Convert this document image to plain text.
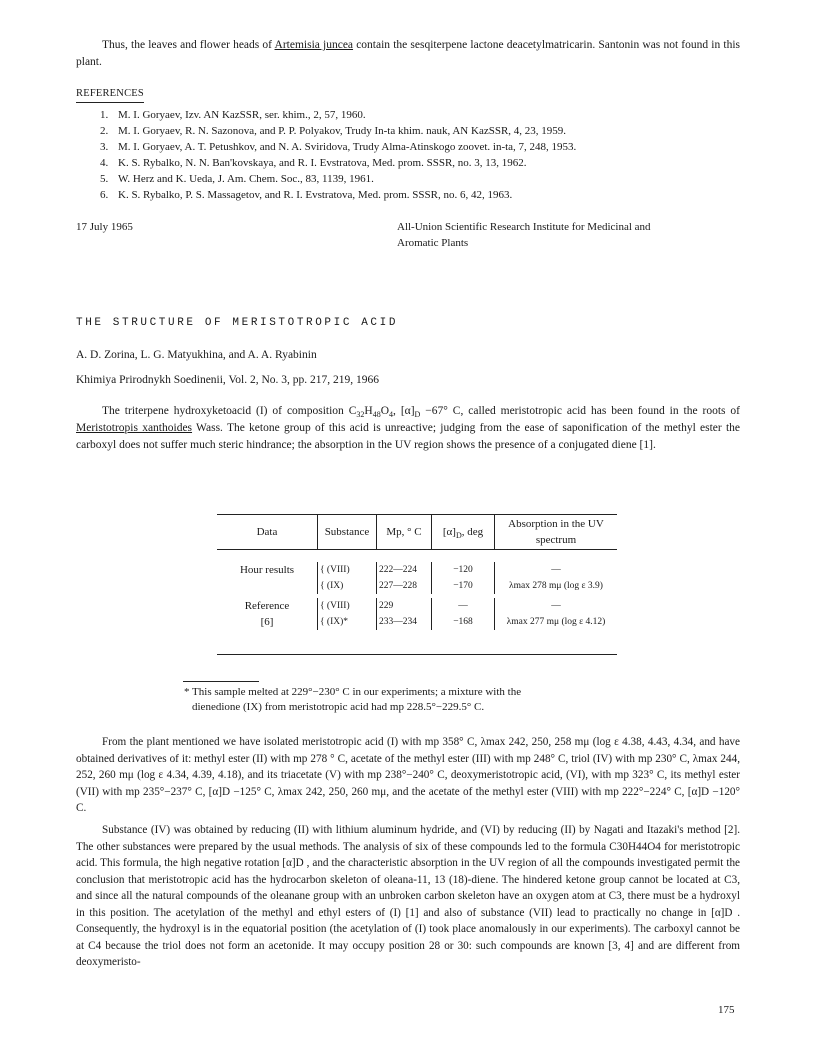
Thus, the leaves and flower heads of Artemisia juncea contain the sesqiterpene lactone deacetylmatricarin. Santonin was not found in this plant.

REFERENCES
1. M. I. Goryaev, Izv. AN KazSSR, ser. khim., 2, 57, 1960.
2. M. I. Goryaev, R. N. Sazonova, and P. P. Polyakov, Trudy In-ta khim. nauk, AN KazSSR, 4, 23, 1959.
3. M. I. Goryaev, A. T. Petushkov, and N. A. Sviridova, Trudy Alma-Atinskogo zoovet. in-ta, 7, 248, 1953.
4. K. S. Rybalko, N. N. Ban'kovskaya, and R. I. Evstratova, Med. prom. SSSR, no. 3, 13, 1962.
5. W. Herz and K. Ueda, J. Am. Chem. Soc., 83, 1139, 1961.
6. K. S. Rybalko, P. S. Massagetov, and R. I. Evstratova, Med. prom. SSSR, no. 6, 42, 1963.
17 July 1965	All-Union Scientific Research Institute for Medicinal and
Aromatic Plants
THE STRUCTURE OF MERISTOTROPIC ACID
A. D. Zorina, L. G. Matyukhina, and A. A. Ryabinin
Khimiya Prirodnykh Soedinenii, Vol. 2, No. 3, pp. 217, 219, 1966

The triterpene hydroxyketoacid (I) of composition $C_{32}H_{48}O_4$, $[\alpha]_D -67^\circ$ C, called meristotropic acid has been found in the roots of Meristotropis xanthoides Wass. The ketone group of this acid is unreactive; judging from the ease of saponification of the methyl ester the carboxyl does not suffer much steric hindrance; the absorption in the UV region shows the presence of a conjugated diene [1].

Data	Substance	Mp, ° C	$[\alpha]_D$, deg	Absorption in the UV spectrum

Hour results	{ (VIII)	222—224	−120	—
	{ (IX)	227—228	−170	λmax 278 mμ (log ε 3.9)

Reference [6]	{ (VIII)	229	—	—
	{ (IX)*	233—234	−168	λmax 277 mμ (log ε 4.12)

* This sample melted at 229°−230° C in our experiments; a mixture with the
dienedione (IX) from meristotropic acid had mp 228.5°−229.5° C.

From the plant mentioned we have isolated meristotropic acid (I) with mp 358° C, λmax 242, 250, 258 mμ (log ε 4.38, 4.43, 4.34, and have obtained derivatives of it: methyl ester (II) with mp 278 ° C, acetate of the methyl ester (III) with mp 248° C, triol (IV) with mp 230° C, λmax 244, 252, 260 mμ (log ε 4.34, 4.39, 4.18), and its triacetate (V) with mp 238°−240° C, deoxymeristotropic acid, (VI), with mp 323° C, its methyl ester (VII) with mp 235°−237° C, [α]D −125° C, λmax 242, 250, 260 mμ, and the acetate of the methyl ester (VIII) with mp 222°−224° C, [α]D −120° C.

Substance (IV) was obtained by reducing (II) with lithium aluminum hydride, and (VI) by reducing (II) by Nagati and Itazaki's method [2]. The other substances were prepared by the usual methods. The analysis of six of these compounds led to the formula C30H44O4 for meristotropic acid. This formula, the high negative rotation [α]D , and the characteristic absorption in the UV region of all the compounds investigated permit the conclusion that meristotropic acid has the hydrocarbon skeleton of oleana-11, 13 (18)-diene. The hindered ketone group cannot be located at C3, and since all the natural compounds of the oleanane group with an unbroken carbon skeleton have an oxygen atom at C3, there must be a hydroxyl in this position. The acetylation of the methyl and ethyl esters of (I) [1] and also of substance (VII) lead to practically no change in [α]D . Consequently, the hydroxyl is in the equatorial position (the acetylation of (I) took place anomalously in our experiments). The carboxyl cannot be at C4 because the triol does not form an acetonide. It may occupy position 28 or 30: such compounds are known [3, 4] and are different from deoxymeristo-

175
